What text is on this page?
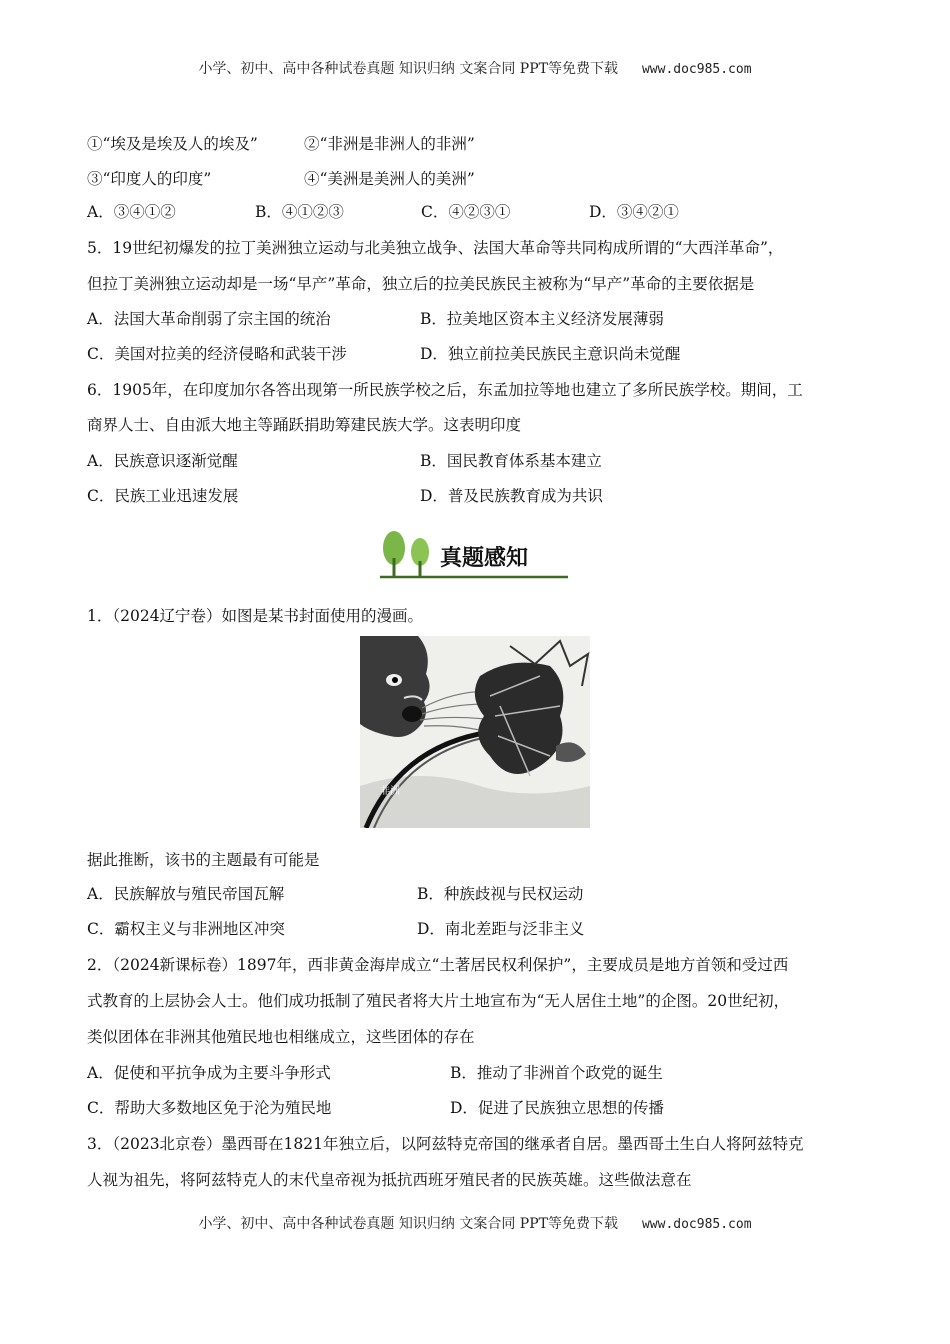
小学、初中、高中各种试卷真题 知识归纳 文案合同 PPT等免费下载 www.doc985.com
①“埃及是埃及人的埃及”	②“非洲是非洲人的非洲”
③“印度人的印度”	④“美洲是美洲人的美洲”
A．③④①②	B．④①②③	C．④②③①	D．③④②①
5．19世纪初爆发的拉丁美洲独立运动与北美独立战争、法国大革命等共同构成所谓的“大西洋革命”，
但拉丁美洲独立运动却是一场“早产”革命，独立后的拉美民族民主被称为“早产”革命的主要依据是
A．法国大革命削弱了宗主国的统治	B．拉美地区资本主义经济发展薄弱
C．美国对拉美的经济侵略和武装干涉	D．独立前拉美民族民主意识尚未觉醒
6．1905年，在印度加尔各答出现第一所民族学校之后，东孟加拉等地也建立了多所民族学校。期间，工
商界人士、自由派大地主等踊跃捐助筹建民族大学。这表明印度
A．民族意识逐渐觉醒	B．国民教育体系基本建立
C．民族工业迅速发展	D．普及民族教育成为共识
真题感知
1．（2024辽宁卷）如图是某书封面使用的漫画。
非洲
据此推断，该书的主题最有可能是
A．民族解放与殖民帝国瓦解	B．种族歧视与民权运动
C．霸权主义与非洲地区冲突	D．南北差距与泛非主义
2．（2024新课标卷）1897年，西非黄金海岸成立“土著居民权利保护”，主要成员是地方首领和受过西
式教育的上层协会人士。他们成功抵制了殖民者将大片土地宣布为“无人居住土地”的企图。20世纪初，
类似团体在非洲其他殖民地也相继成立，这些团体的存在
A．促使和平抗争成为主要斗争形式	B．推动了非洲首个政党的诞生
C．帮助大多数地区免于沦为殖民地	D．促进了民族独立思想的传播
3．（2023北京卷）墨西哥在1821年独立后，以阿兹特克帝国的继承者自居。墨西哥土生白人将阿兹特克
人视为祖先，将阿兹特克人的末代皇帝视为抵抗西班牙殖民者的民族英雄。这些做法意在
小学、初中、高中各种试卷真题 知识归纳 文案合同 PPT等免费下载 www.doc985.com
